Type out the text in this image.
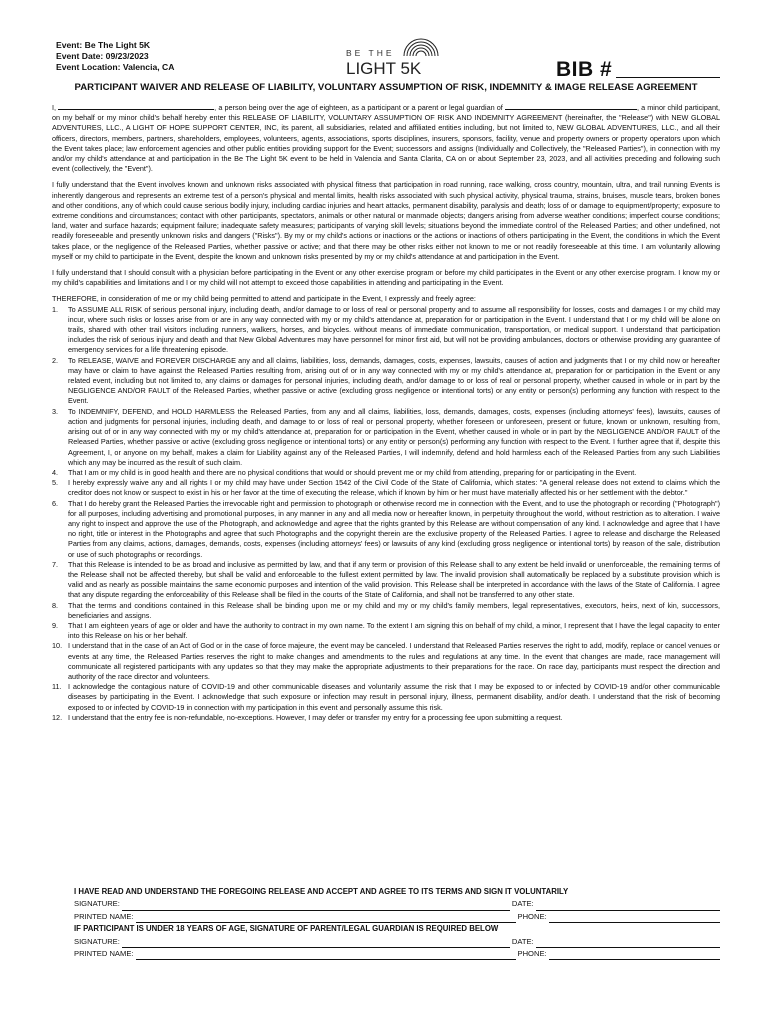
Event: Be The Light 5K
Event Date: 09/23/2023
Event Location: Valencia, CA
BE THE
LIGHT 5K	BIB #
PARTICIPANT WAIVER AND RELEASE OF LIABILITY, VOLUNTARY ASSUMPTION OF RISK, INDEMNITY & IMAGE RELEASE AGREEMENT

I,	, a person being over the age of eighteen, as a participant or a parent or legal guardian of	, a minor child participant, on my behalf or my minor child's behalf hereby enter this RELEASE OF LIABILITY, VOLUNTARY ASSUMPTION OF RISK AND INDEMNITY AGREEMENT (hereinafter, the "Release") with NEW GLOBAL ADVENTURES, LLC., A LIGHT OF HOPE SUPPORT CENTER, INC, its parent, all subsidiaries, related and affiliated entities including, but not limited to, NEW GLOBAL ADVENTURES, LLC., and all their officers, directors, members, partners, shareholders, employees, volunteers, agents, associations, sports disciplines, insurers, sponsors, facility, venue and property owners or property operators upon which the Event takes place; law enforcement agencies and other public entities providing support for the Event; successors and assigns (Individually and Collectively, the "Released Parties"), in connection with my and/or my child's attendance at and participation in the Be The Light 5K event to be held in Valencia and Santa Clarita, CA on or about September 23, 2023, and all activities preceding and following such event (collectively, the "Event").

I fully understand that the Event involves known and unknown risks associated with physical fitness that participation in road running, race walking, cross country, mountain, ultra, and trail running Events is inherently dangerous and represents an extreme test of a person's physical and mental limits, health risks associated with such physical activity, physical trauma, strains, bruises, muscle tears, broken bones and other conditions, any of which could cause serious bodily injury, including cardiac injuries and heart attacks, permanent disability, paralysis and death; loss of or damage to equipment/property; exposure to extreme conditions and circumstances; contact with other participants, spectators, animals or other natural or manmade objects; dangers arising from adverse weather conditions; imperfect course conditions; land, water and surface hazards; equipment failure; inadequate safety measures; participants of varying skill levels; situations beyond the immediate control of the Released Parties; and other undefined, not readily foreseeable and presently unknown risks and dangers ("Risks"). By my or my child's actions or inactions or the actions or inactions of others participating in the Event, the conditions in which the Event takes place, or the negligence of the Released Parties, whether passive or active; and that there may be other risks either not known to me or not readily foreseeable at this time. I am voluntarily allowing myself or my child to participate in the Event, despite the known and unknown risks presented by my or my child's attendance at and participation in the Event.

I fully understand that I should consult with a physician before participating in the Event or any other exercise program or before my child participates in the Event or any other exercise program. I know my or my child's capabilities and limitations and I or my child will not attempt to exceed those capabilities in attending and participating in the Event.

THEREFORE, in consideration of me or my child being permitted to attend and participate in the Event, I expressly and freely agree:
1. To ASSUME ALL RISK of serious personal injury, including death, and/or damage to or loss of real or personal property and to assume all responsibility for losses, costs and damages I or my child may incur, where such risks or losses arise from or are in any way connected with my or my child's attendance at, preparation for or participation in the Event. I understand that I or my child will be alone on trails, shared with other trail visitors including runners, walkers, horses, and bicycles. without means of immediate communication, transportation, or medical support. I understand that participation includes the risk of serious injury and death and that New Global Adventures may have personnel for minor first aid, but will not be providing ambulances, doctors or otherwise providing any guarantee of emergency services for a life threatening episode.
2. To RELEASE, WAIVE and FOREVER DISCHARGE any and all claims, liabilities, loss, demands, damages, costs, expenses, lawsuits, causes of action and judgments that I or my child now or hereafter may have or claim to have against the Released Parties resulting from, arising out of or in any way connected with my or my child's attendance at, preparation for or participation in the Event or any related event, including but not limited to, any claims or damages for personal injuries, including death, and/or damage to or loss of real or personal property, whether caused in whole or in part by the NEGLIGENCE AND/OR FAULT of the Released Parties, whether passive or active (excluding gross negligence or intentional torts) or any entity or person(s) performing any function with respect to the Event.
3. To INDEMNIFY, DEFEND, and HOLD HARMLESS the Released Parties, from any and all claims, liabilities, loss, demands, damages, costs, expenses (including attorneys' fees), lawsuits, causes of action and judgments for personal injuries, including death, and damage to or loss of real or personal property, whether foreseen or unforeseen, present or future, known or unknown, resulting from, arising out of or in any way connected with my or my child's attendance at, preparation for or participation in the Event, whether caused in whole or in part by the NEGLIGENCE AND/OR FAULT of the Released Parties, whether passive or active (excluding gross negligence or intentional torts) or any entity or person(s) performing any function with respect to the Event. I further agree that if, despite this Agreement, I, or anyone on my behalf, makes a claim for Liability against any of the Released Parties, I will indemnify, defend and hold harmless each of the Released Parties from any such Liabilities which any may be incurred as the result of such claim.
4. That I am or my child is in good health and there are no physical conditions that would or should prevent me or my child from attending, preparing for or participating in the Event.
5. I hereby expressly waive any and all rights I or my child may have under Section 1542 of the Civil Code of the State of California, which states: "A general release does not extend to claims which the creditor does not know or suspect to exist in his or her favor at the time of executing the release, which if known by him or her must have materially affected his or her settlement with the debtor."
6. That I do hereby grant the Released Parties the irrevocable right and permission to photograph or otherwise record me in connection with the Event, and to use the photograph or recording ("Photograph") for all purposes, including advertising and promotional purposes, in any manner in any and all media now or hereafter known, in perpetuity throughout the world, without restriction as to alteration. I waive any right to inspect and approve the use of the Photograph, and acknowledge and agree that the rights granted by this Release are without compensation of any kind. I acknowledge and agree that I have no right, title or interest in the Photographs and agree that such Photographs and the copyright therein are the exclusive property of the Released Parties. I agree to release and discharge the Released Parties from any claims, actions, damages, demands, costs, expenses (including attorneys' fees) or lawsuits of any kind (excluding gross negligence or intentional torts) by reason of the sale, distribution or use of such photographs or recordings.
7. That this Release is intended to be as broad and inclusive as permitted by law, and that if any term or provision of this Release shall to any extent be held invalid or unenforceable, the remaining terms of the Release shall not be affected thereby, but shall be valid and enforceable to the fullest extent permitted by law. The invalid provision shall automatically be replaced by a substitute provision which is valid and as nearly as possible maintains the same economic purposes and intention of the valid provision. This Release shall be interpreted in accordance with the laws of the State of California. I agree that any dispute regarding the enforceability of this Release shall be filed in the courts of the State of California, and shall not be transferred to any other state.
8. That the terms and conditions contained in this Release shall be binding upon me or my child and my or my child's family members, legal representatives, executors, heirs, next of kin, successors, beneficiaries and assigns.
9. That I am eighteen years of age or older and have the authority to contract in my own name. To the extent I am signing this on behalf of my child, a minor, I represent that I have the legal capacity to enter into this Release on his or her behalf.
10. I understand that in the case of an Act of God or in the case of force majeure, the event may be canceled. I understand that Released Parties reserves the right to add, modify, replace or cancel venues or events at any time, the Released Parties reserves the right to make changes and amendments to the rules and regulations at any time. In the event that changes are made, race management will communicate all registered participants with any updates so that they may make the appropriate adjustments to their preparations for the race. On race day, participants must respect the direction and authority of the race director and volunteers.
11. I acknowledge the contagious nature of COVID-19 and other communicable diseases and voluntarily assume the risk that I may be exposed to or infected by COVID-19 and/or other communicable diseases by participating in the Event. I acknowledge that such exposure or infection may result in personal injury, illness, permanent disability, and/or death. I understand that the risk of becoming exposed to or infected by COVID-19 in connection with my participation in this event and personally assume this risk.
12. I understand that the entry fee is non-refundable, no-exceptions. However, I may defer or transfer my entry for a processing fee upon submitting a request.
I HAVE READ AND UNDERSTAND THE FOREGOING RELEASE AND ACCEPT AND AGREE TO ITS TERMS AND SIGN IT VOLUNTARILY
SIGNATURE:	DATE:
PRINTED NAME:	PHONE:
IF PARTICIPANT IS UNDER 18 YEARS OF AGE, SIGNATURE OF PARENT/LEGAL GUARDIAN IS REQUIRED BELOW
SIGNATURE:	DATE:
PRINTED NAME:	PHONE:
